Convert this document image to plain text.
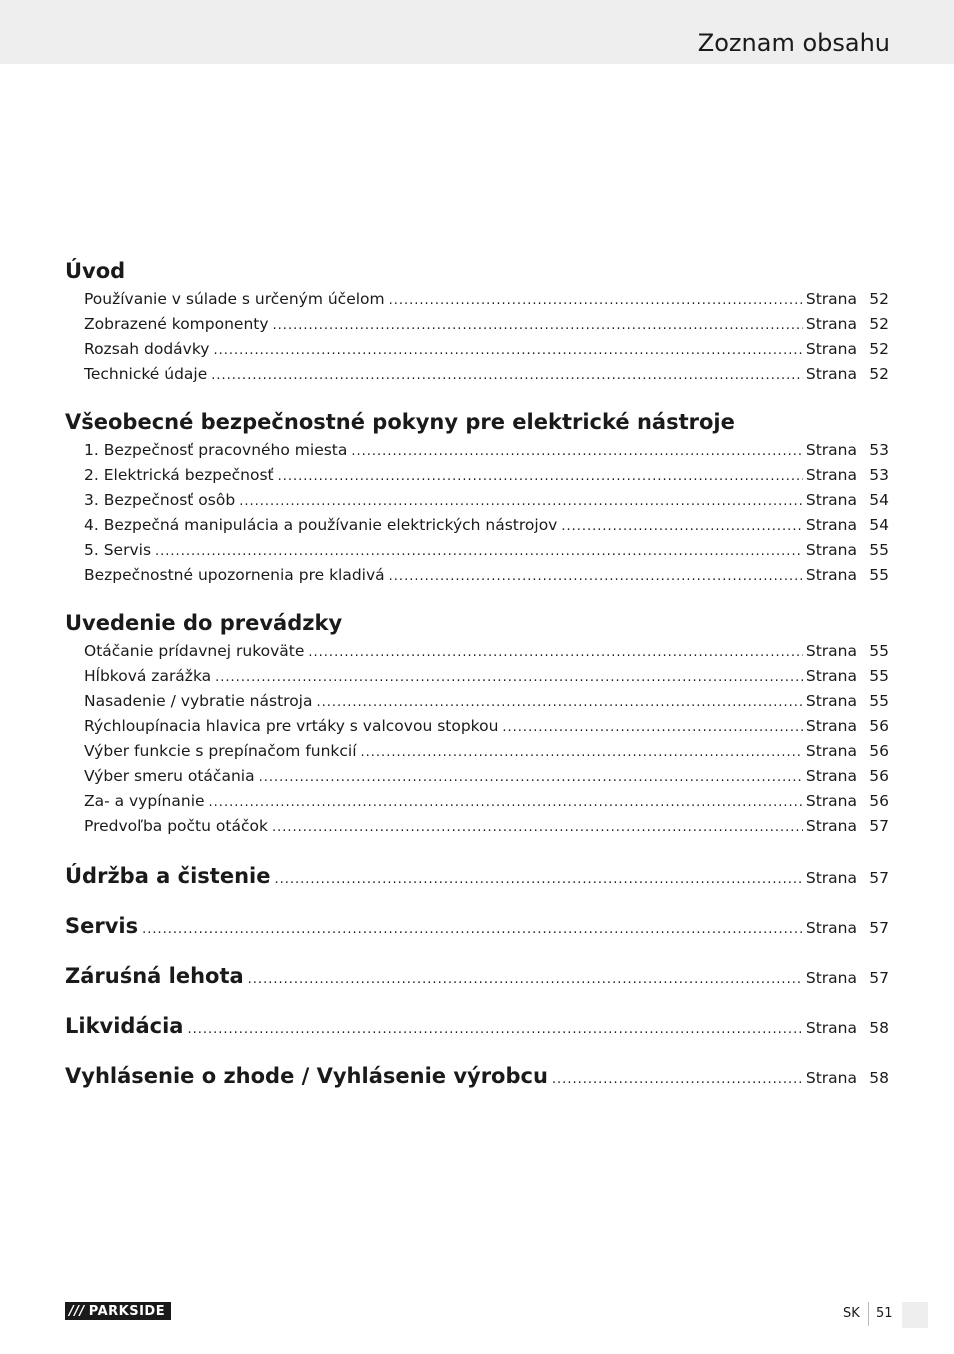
Zoznam obsahu
Úvod
Používanie v súlade s určeným účelom .....	Strana 52
Zobrazené komponenty .....	Strana 52
Rozsah dodávky .....	Strana 52
Technické údaje .....	Strana 52
Všeobecné bezpečnostné pokyny pre elektrické nástroje
1. Bezpečnosť pracovného miesta .....	Strana 53
2. Elektrická bezpečnosť .....	Strana 53
3. Bezpečnosť osôb .....	Strana 54
4. Bezpečná manipulácia a používanie elektrických nástrojov .....	Strana 54
5. Servis .....	Strana 55
Bezpečnostné upozornenia pre kladivá .....	Strana 55
Uvedenie do prevádzky
Otáčanie prídavnej rukoväte .....	Strana 55
Hĺbková zarážka .....	Strana 55
Nasadenie / vybratie nástroja .....	Strana 55
Rýchloupínacia hlavica pre vrtáky s valcovou stopkou .....	Strana 56
Výber funkcie s prepínačom funkcií .....	Strana 56
Výber smeru otáčania .....	Strana 56
Za- a vypínanie .....	Strana 56
Predvoľba počtu otáčok .....	Strana 57
Údržba a čistenie .....	Strana 57
Servis .....	Strana 57
Záruśná lehota .....	Strana 57
Likvidácia .....	Strana 58
Vyhlásenie o zhode / Vyhlásenie výrobcu .....	Strana 58
/// PARKSIDE	SK 51
